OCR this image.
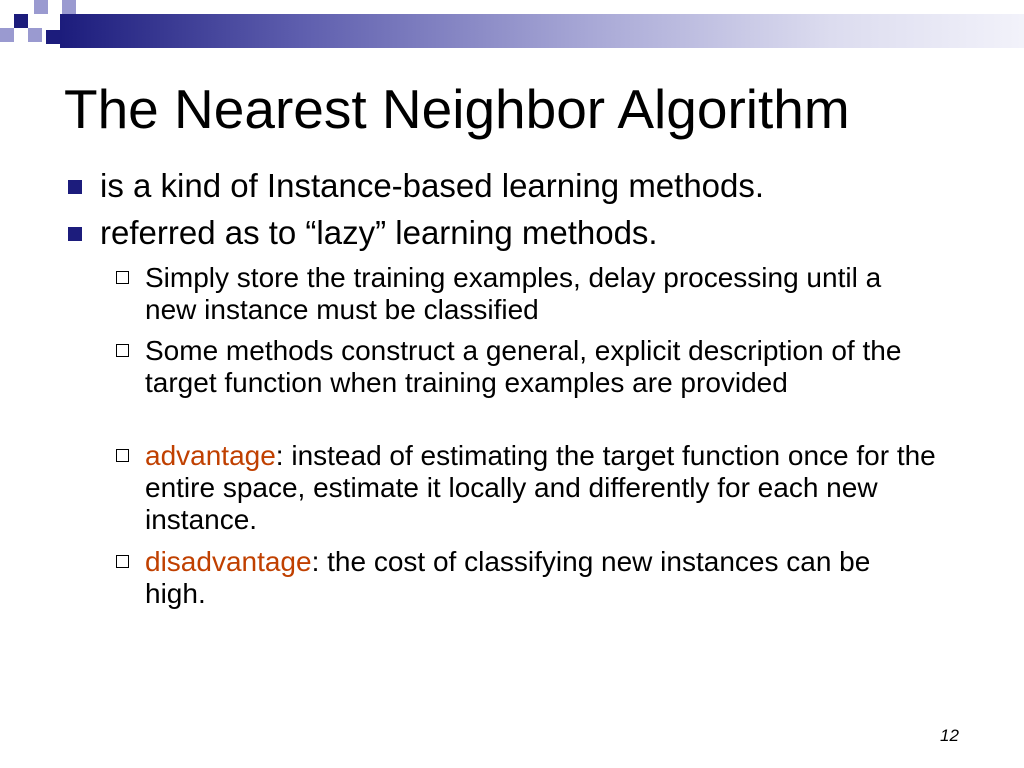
The Nearest Neighbor Algorithm
is a kind of Instance-based learning methods.
referred as to “lazy” learning methods.
Simply store the training examples, delay processing until a new instance must be classified
Some methods construct a general, explicit description of the target function when training examples are provided
advantage: instead of estimating the target function once for the entire space, estimate it locally and differently for each new instance.
disadvantage: the cost of classifying new instances can be high.
12
